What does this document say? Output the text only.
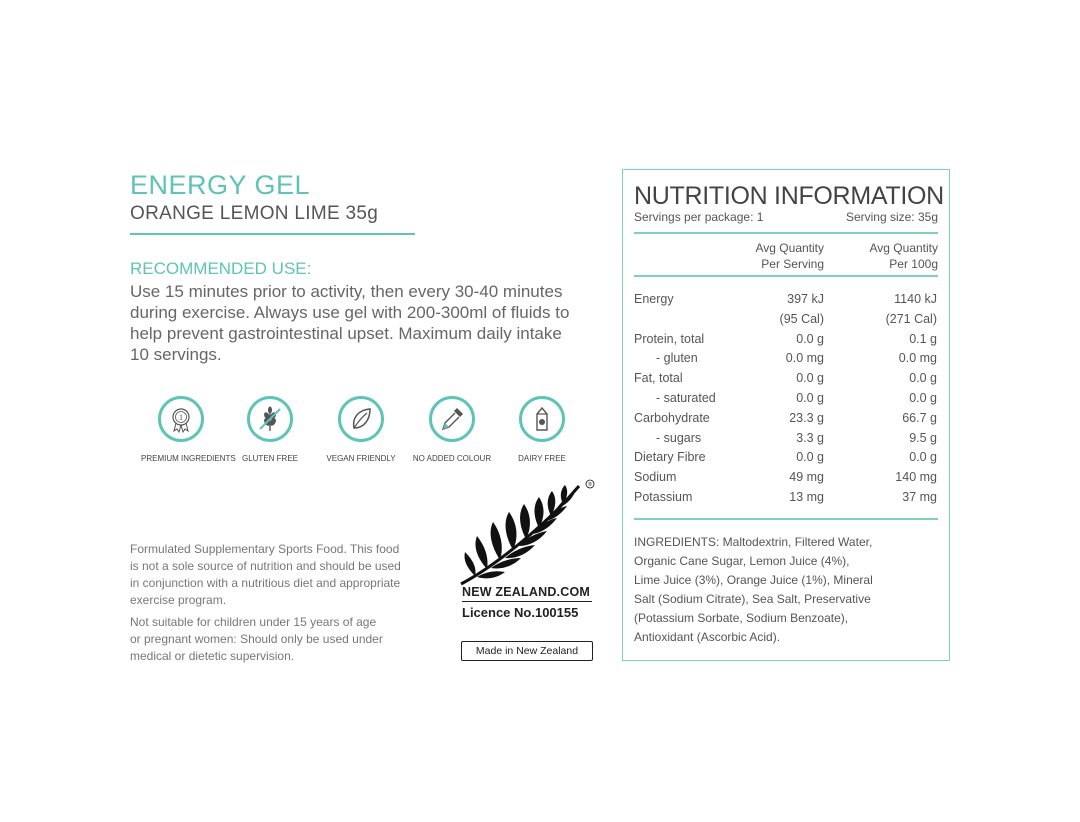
ENERGY GEL
ORANGE LEMON LIME 35g
RECOMMENDED USE:
Use 15 minutes prior to activity, then every 30-40 minutes
during exercise. Always use gel with 200-300ml of fluids to
help prevent gastrointestinal upset. Maximum daily intake
10 servings.
1
PREMIUM INGREDIENTS GLUTEN FREE	VEGAN FRIENDLY	NO ADDED COLOUR	DAIRY FREE
Formulated Supplementary Sports Food. This food
is not a sole source of nutrition and should be used
in conjunction with a nutritious diet and appropriate
exercise program.
Not suitable for children under 15 years of age
or pregnant women: Should only be used under
medical or dietetic supervision.
®
NEW ZEALAND.COM
Licence No.100155
Made in New Zealand
NUTRITION INFORMATION
Servings per package: 1	Serving size: 35g
Avg Quantity
Per Serving
Avg Quantity
Per 100g
Energy	397 kJ	1140 kJ
(95 Cal)	(271 Cal)
Protein, total	0.0 g	0.1 g
- gluten	0.0 mg	0.0 mg
Fat, total	0.0 g	0.0 g
- saturated	0.0 g	0.0 g
Carbohydrate	23.3 g	66.7 g
- sugars	3.3 g	9.5 g
Dietary Fibre	0.0 g	0.0 g
Sodium	49 mg	140 mg
Potassium	13 mg	37 mg
INGREDIENTS: Maltodextrin, Filtered Water,
Organic Cane Sugar, Lemon Juice (4%),
Lime Juice (3%), Orange Juice (1%), Mineral
Salt (Sodium Citrate), Sea Salt, Preservative
(Potassium Sorbate, Sodium Benzoate),
Antioxidant (Ascorbic Acid).
